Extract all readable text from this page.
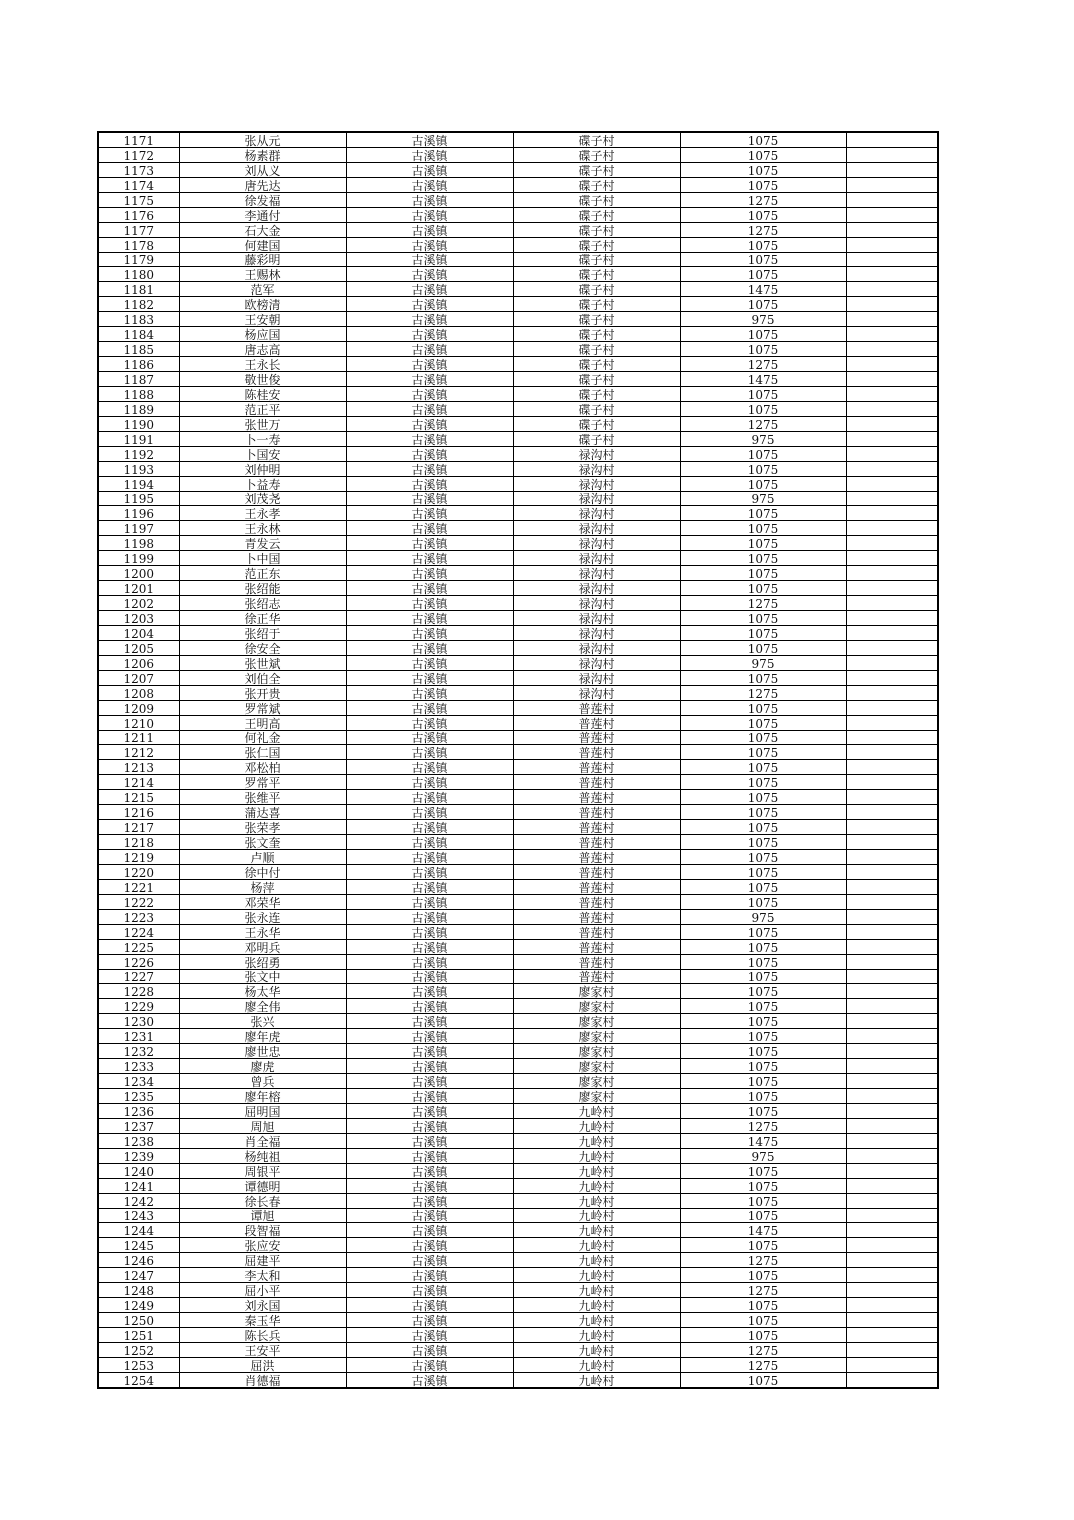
1171	张从元	古溪镇	碟子村	1075	
1172	杨素群	古溪镇	碟子村	1075	
1173	刘从义	古溪镇	碟子村	1075	
1174	唐先达	古溪镇	碟子村	1075	
1175	徐发福	古溪镇	碟子村	1275	
1176	李通付	古溪镇	碟子村	1075	
1177	石大金	古溪镇	碟子村	1275	
1178	何建国	古溪镇	碟子村	1075	
1179	藤彩明	古溪镇	碟子村	1075	
1180	王赐林	古溪镇	碟子村	1075	
1181	范军	古溪镇	碟子村	1475	
1182	欧榜清	古溪镇	碟子村	1075	
1183	王安朝	古溪镇	碟子村	975	
1184	杨应国	古溪镇	碟子村	1075	
1185	唐志高	古溪镇	碟子村	1075	
1186	王永长	古溪镇	碟子村	1275	
1187	敬世俊	古溪镇	碟子村	1475	
1188	陈桂安	古溪镇	碟子村	1075	
1189	范正平	古溪镇	碟子村	1075	
1190	张世万	古溪镇	碟子村	1275	
1191	卜一寿	古溪镇	碟子村	975	
1192	卜国安	古溪镇	禄沟村	1075	
1193	刘仲明	古溪镇	禄沟村	1075	
1194	卜益寿	古溪镇	禄沟村	1075	
1195	刘茂尧	古溪镇	禄沟村	975	
1196	王永孝	古溪镇	禄沟村	1075	
1197	王永林	古溪镇	禄沟村	1075	
1198	青发云	古溪镇	禄沟村	1075	
1199	卜中国	古溪镇	禄沟村	1075	
1200	范正东	古溪镇	禄沟村	1075	
1201	张绍能	古溪镇	禄沟村	1075	
1202	张绍志	古溪镇	禄沟村	1275	
1203	徐正华	古溪镇	禄沟村	1075	
1204	张绍于	古溪镇	禄沟村	1075	
1205	徐安全	古溪镇	禄沟村	1075	
1206	张世斌	古溪镇	禄沟村	975	
1207	刘伯全	古溪镇	禄沟村	1075	
1208	张开贵	古溪镇	禄沟村	1275	
1209	罗常斌	古溪镇	普莲村	1075	
1210	王明高	古溪镇	普莲村	1075	
1211	何礼金	古溪镇	普莲村	1075	
1212	张仁国	古溪镇	普莲村	1075	
1213	邓松柏	古溪镇	普莲村	1075	
1214	罗常平	古溪镇	普莲村	1075	
1215	张维平	古溪镇	普莲村	1075	
1216	蒲达喜	古溪镇	普莲村	1075	
1217	张荣孝	古溪镇	普莲村	1075	
1218	张文奎	古溪镇	普莲村	1075	
1219	卢顺	古溪镇	普莲村	1075	
1220	徐中付	古溪镇	普莲村	1075	
1221	杨萍	古溪镇	普莲村	1075	
1222	邓荣华	古溪镇	普莲村	1075	
1223	张永连	古溪镇	普莲村	975	
1224	王永华	古溪镇	普莲村	1075	
1225	邓明兵	古溪镇	普莲村	1075	
1226	张绍勇	古溪镇	普莲村	1075	
1227	张文中	古溪镇	普莲村	1075	
1228	杨太华	古溪镇	廖家村	1075	
1229	廖全伟	古溪镇	廖家村	1075	
1230	张兴	古溪镇	廖家村	1075	
1231	廖年虎	古溪镇	廖家村	1075	
1232	廖世忠	古溪镇	廖家村	1075	
1233	廖虎	古溪镇	廖家村	1075	
1234	曾兵	古溪镇	廖家村	1075	
1235	廖年榕	古溪镇	廖家村	1075	
1236	屈明国	古溪镇	九岭村	1075	
1237	周旭	古溪镇	九岭村	1275	
1238	肖全福	古溪镇	九岭村	1475	
1239	杨纯祖	古溪镇	九岭村	975	
1240	周银平	古溪镇	九岭村	1075	
1241	谭德明	古溪镇	九岭村	1075	
1242	徐长春	古溪镇	九岭村	1075	
1243	谭旭	古溪镇	九岭村	1075	
1244	段智福	古溪镇	九岭村	1475	
1245	张应安	古溪镇	九岭村	1075	
1246	屈建平	古溪镇	九岭村	1275	
1247	李太和	古溪镇	九岭村	1075	
1248	屈小平	古溪镇	九岭村	1275	
1249	刘永国	古溪镇	九岭村	1075	
1250	秦玉华	古溪镇	九岭村	1075	
1251	陈长兵	古溪镇	九岭村	1075	
1252	王安平	古溪镇	九岭村	1275	
1253	屈洪	古溪镇	九岭村	1275	
1254	肖德福	古溪镇	九岭村	1075	
